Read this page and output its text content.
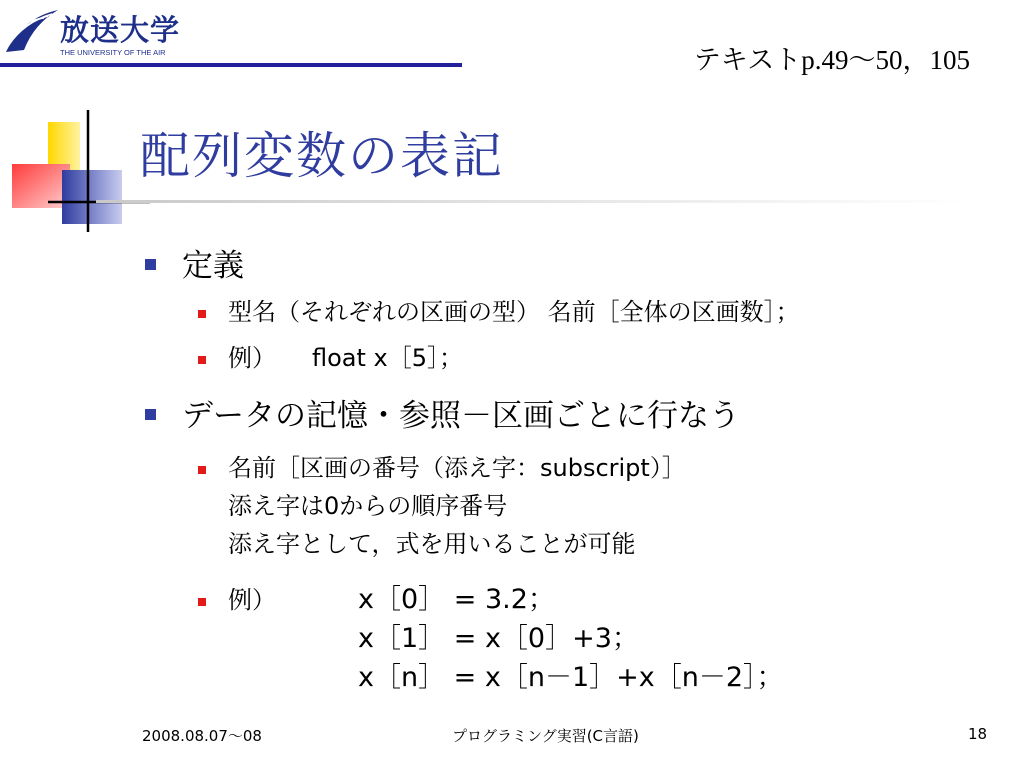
放送大学
THE UNIVERSITY OF THE AIR	テキストp.49～50，105
配列変数の表記
定義
型名（それぞれの区画の型） 名前［全体の区画数］；
例）　　float x［5］；
データの記憶・参照－区画ごとに行なう
名前［区画の番号（添え字：subscript）］
添え字は0からの順序番号
添え字として，式を用いることが可能
例）	x［0］ = 3.2；
x［1］ = x［0］+3；
x［n］ = x［n－1］+x［n－2］；
2008.08.07～08	プログラミング実習(C言語)	18
